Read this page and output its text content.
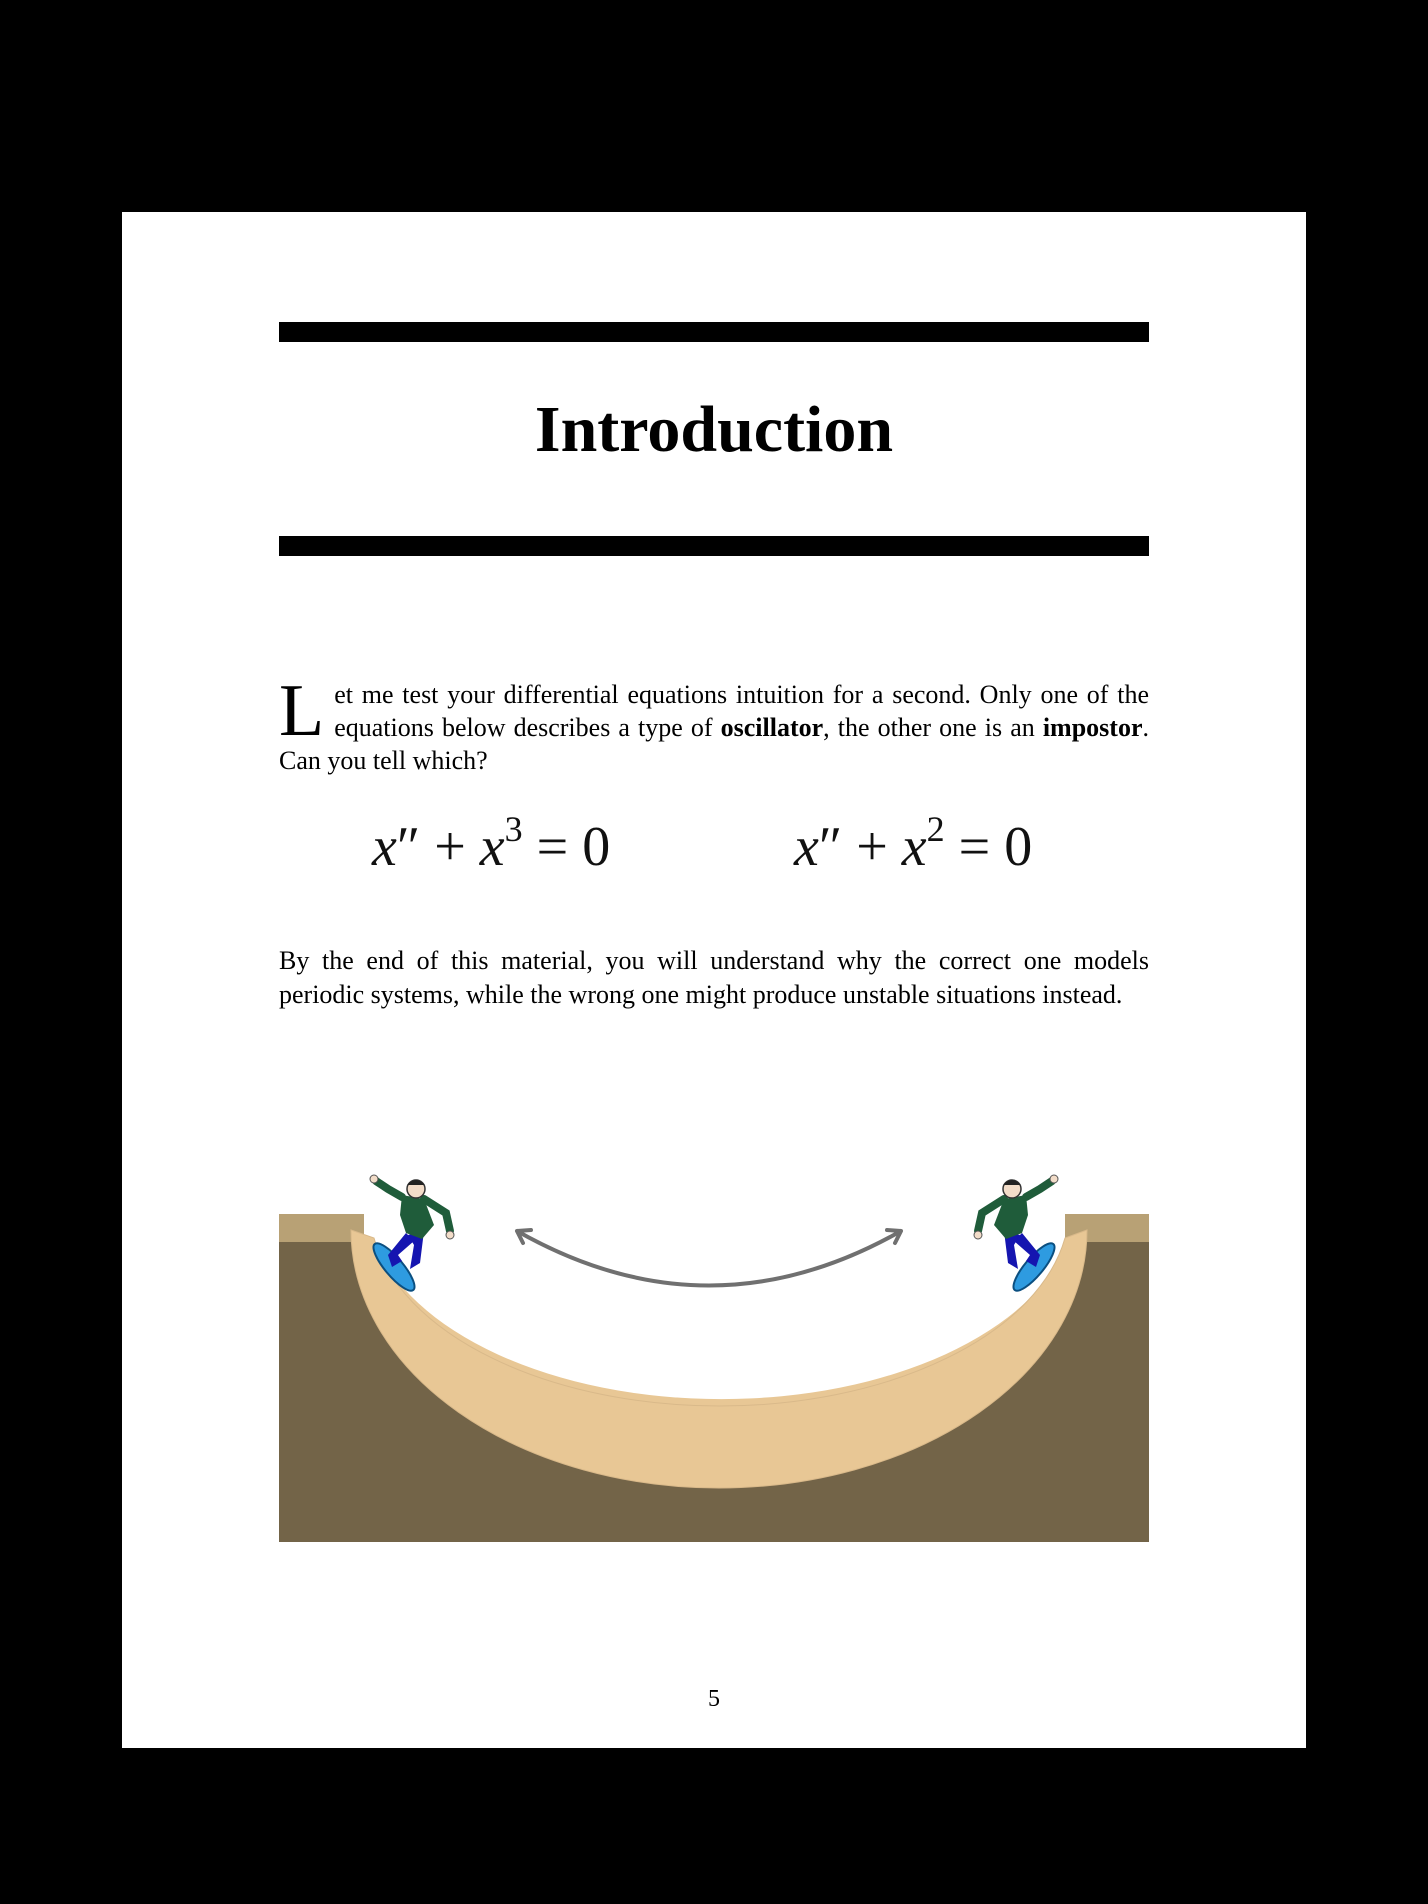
Introduction
Let me test your differential equations intuition for a second. Only one of the equations below describes a type of oscillator, the other one is an impostor. Can you tell which?
$x'' + x^3 = 0$	$x'' + x^2 = 0$
By the end of this material, you will understand why the correct one models periodic systems, while the wrong one might produce unstable situations instead.
5
